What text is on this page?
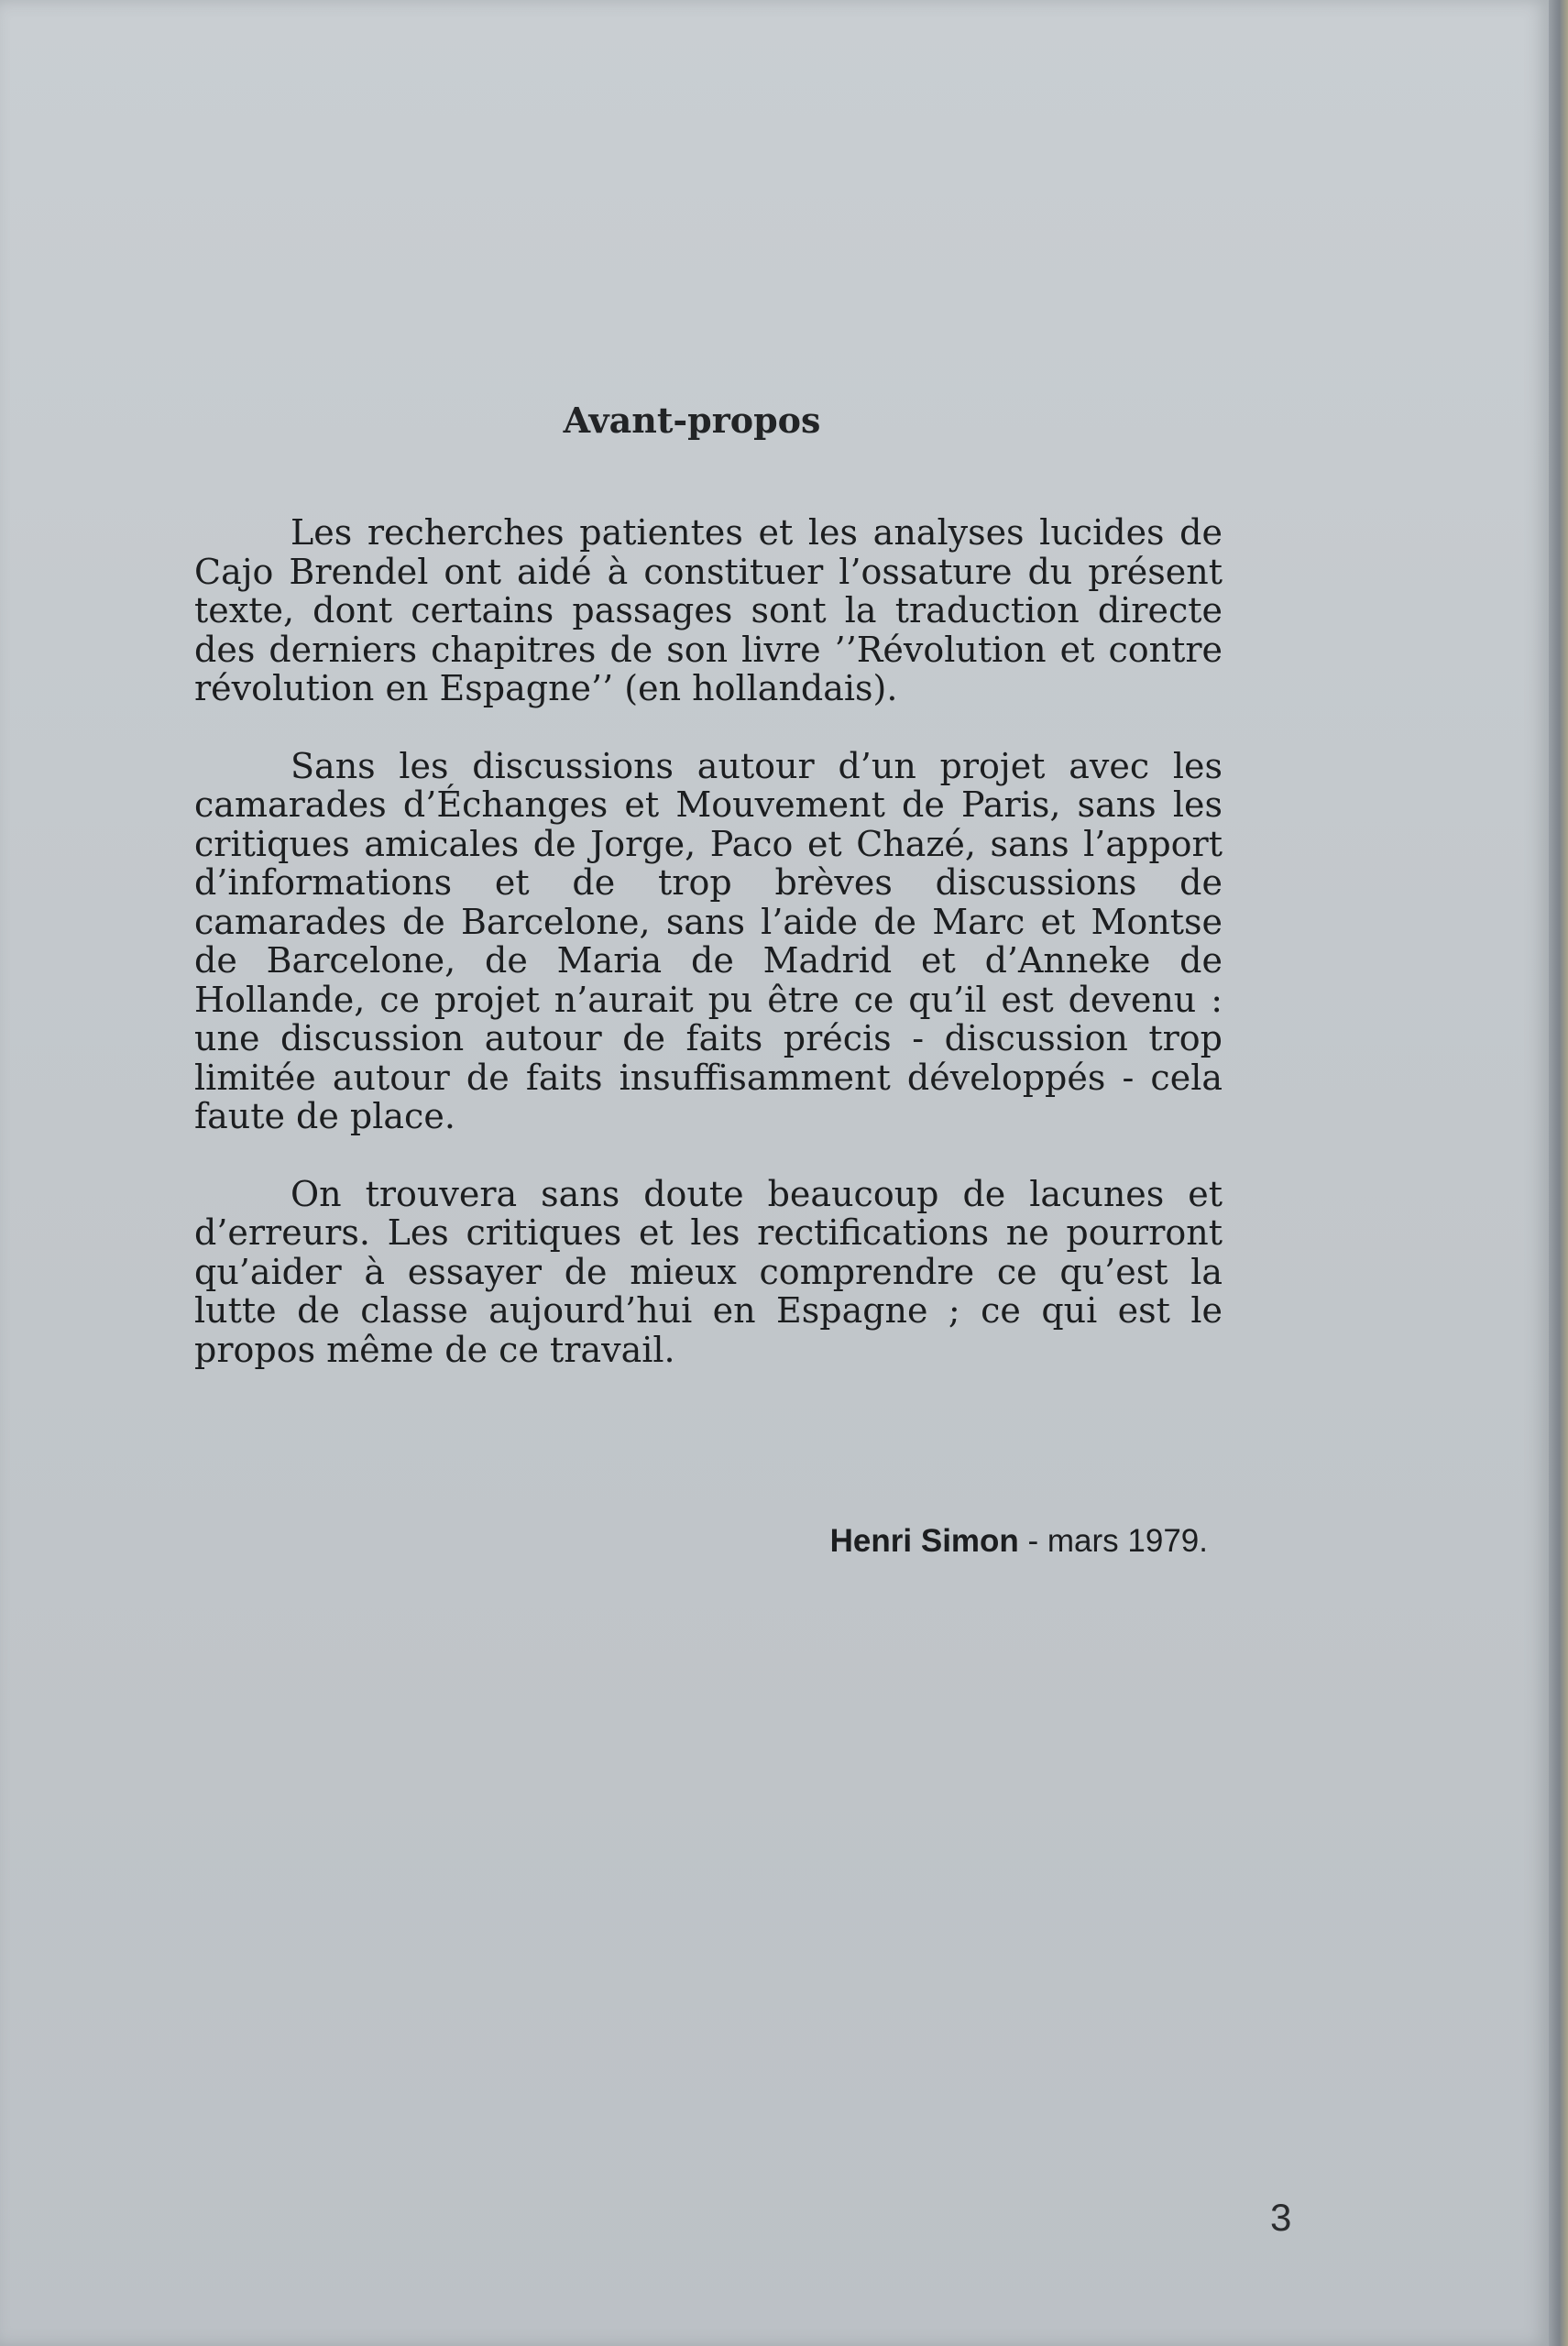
Avant-propos

Les recherches patientes et les analyses lucides de Cajo Brendel ont aidé à constituer l’ossature du présent texte, dont certains passages sont la traduction directe des derniers chapitres de son livre ’’Révolution et contre révolution en Espagne’’ (en hollandais).

Sans les discussions autour d’un projet avec les camarades d’Échanges et Mouvement de Paris, sans les critiques amicales de Jorge, Paco et Chazé, sans l’apport d’informations et de trop brèves discussions de camarades de Barcelone, sans l’aide de Marc et Montse de Barcelone, de Maria de Madrid et d’Anneke de Hollande, ce projet n’aurait pu être ce qu’il est devenu : une discussion autour de faits précis - discussion trop limitée autour de faits insuffisamment développés - cela faute de place.

On trouvera sans doute beaucoup de lacunes et d’erreurs. Les critiques et les rectifications ne pourront qu’aider à essayer de mieux comprendre ce qu’est la lutte de classe aujourd’hui en Espagne ; ce qui est le propos même de ce travail.

Henri Simon - mars 1979.
3
